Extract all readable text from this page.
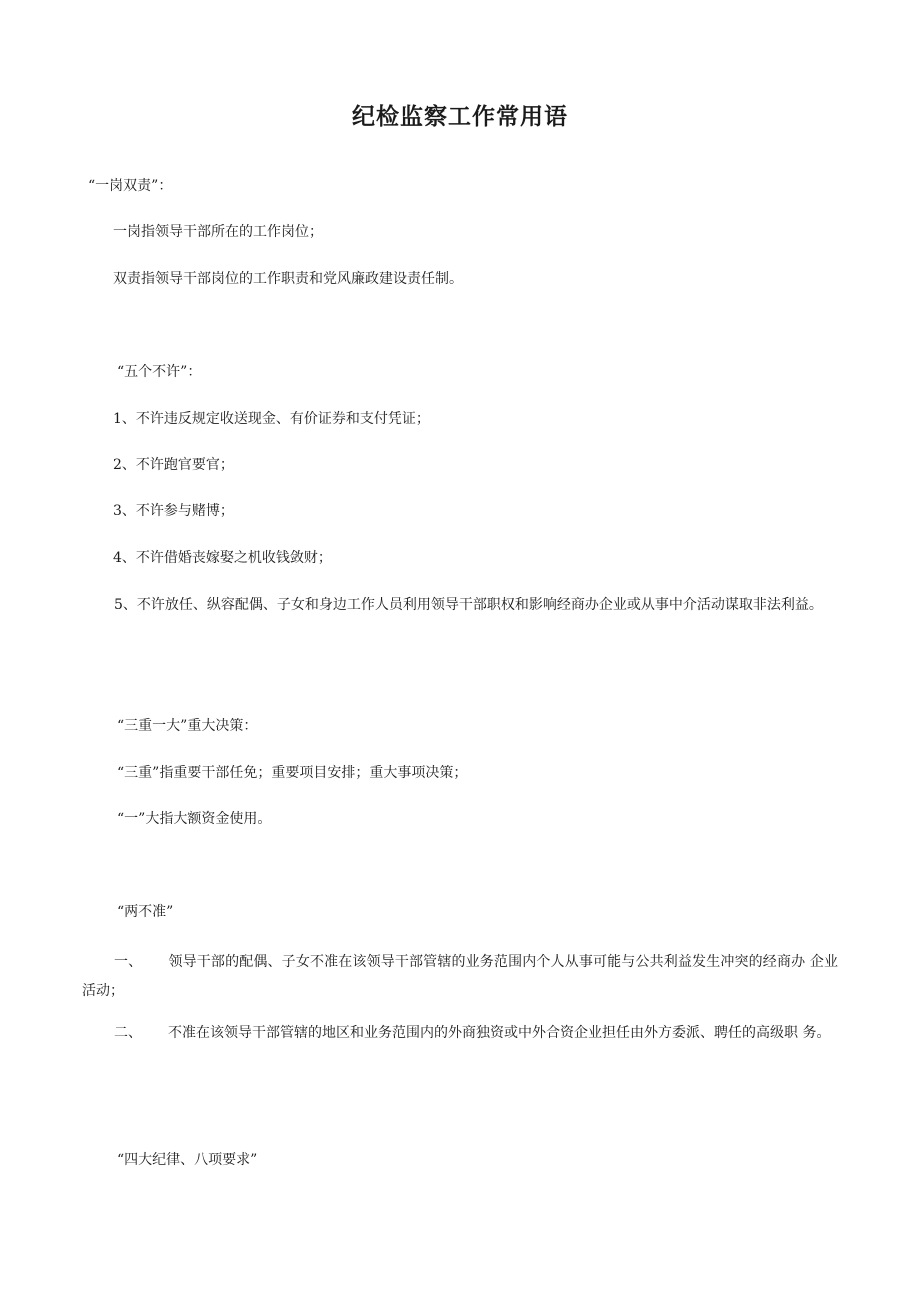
纪检监察工作常用语
“一岗双责”：
一岗指领导干部所在的工作岗位；
双责指领导干部岗位的工作职责和党风廉政建设责任制。
“五个不许”：
1、不许违反规定收送现金、有价证券和支付凭证；
2、不许跑官要官；
3、不许参与赌博；
4、不许借婚丧嫁娶之机收钱敛财；
5、不许放任、纵容配偶、子女和身边工作人员利用领导干部职权和影响经商办企业或从事中介活动谋取非法利益。
“三重一大”重大决策：
“三重”指重要干部任免；重要项目安排；重大事项决策；
“一”大指大额资金使用。
“两不准”
一、 领导干部的配偶、子女不准在该领导干部管辖的业务范围内个人从事可能与公共利益发生冲突的经商办 企业活动；
二、 不准在该领导干部管辖的地区和业务范围内的外商独资或中外合资企业担任由外方委派、聘任的高级职 务。
“四大纪律、八项要求”
